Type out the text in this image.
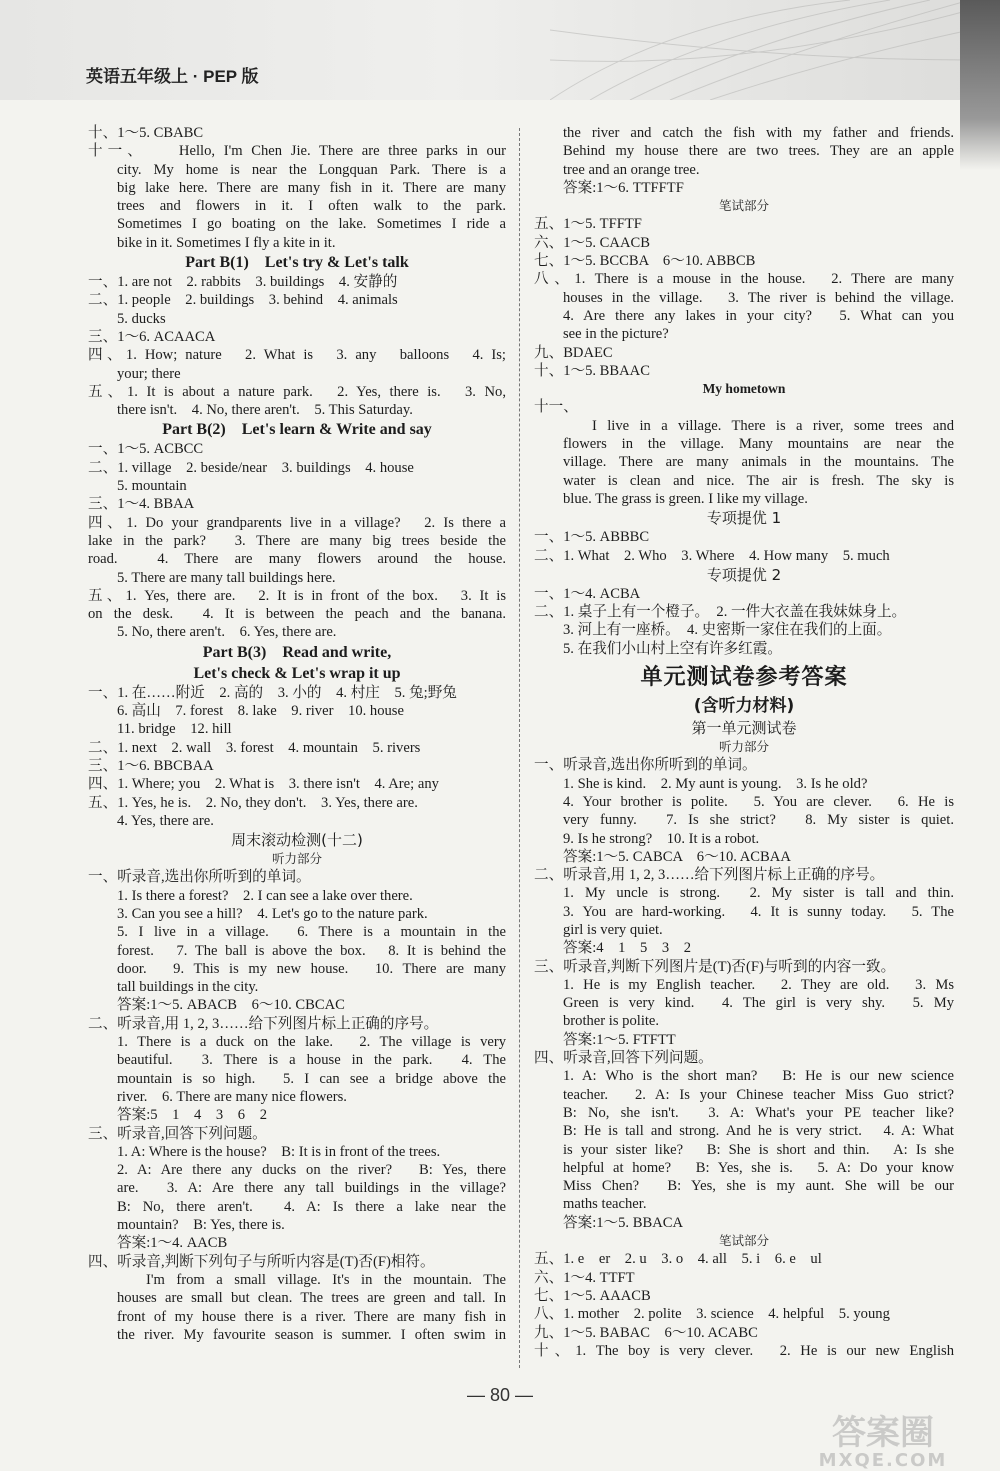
英语五年级上 · PEP 版
十、1～5. CBABC
十一、　　Hello, I'm Chen Jie. There are three parks in our
city. My home is near the Longquan Park. There is a
big lake here. There are many fish in it. There are many
trees and flowers in it. I often walk to the park.
Sometimes I go boating on the lake. Sometimes I ride a
bike in it. Sometimes I fly a kite in it.
Part B(1)　Let's try & Let's talk
一、1. are not　2. rabbits　3. buildings　4. 安静的
二、1. people　2. buildings　3. behind　4. animals
5. ducks
三、1～6. ACAACA
四、1. How; nature　2. What is　3. any　balloons　4. Is;
your; there
五、1. It is about a nature park.　2. Yes, there is.　3. No,
there isn't.　4. No, there aren't.　5. This Saturday.
Part B(2)　Let's learn & Write and say
一、1～5. ACBCC
二、1. village　2. beside/near　3. buildings　4. house
5. mountain
三、1～4. BBAA
四、1. Do your grandparents live in a village?　2. Is there a
lake in the park?　3. There are many big trees beside the
road.　4. There are many flowers around the house.
5. There are many tall buildings here.
五、1. Yes, there are.　2. It is in front of the box.　3. It is
on the desk.　4. It is between the peach and the banana.
5. No, there aren't.　6. Yes, there are.
Part B(3)　Read and write,
Let's check & Let's wrap it up
一、1. 在……附近　2. 高的　3. 小的　4. 村庄　5. 兔;野兔
6. 高山　7. forest　8. lake　9. river　10. house
11. bridge　12. hill
二、1. next　2. wall　3. forest　4. mountain　5. rivers
三、1～6. BBCBAA
四、1. Where; you　2. What is　3. there isn't　4. Are; any
五、1. Yes, he is.　2. No, they don't.　3. Yes, there are.
4. Yes, there are.
周末滚动检测(十二)
听力部分
一、听录音,选出你所听到的单词。
1. Is there a forest?　2. I can see a lake over there.
3. Can you see a hill?　4. Let's go to the nature park.
5. I live in a village.　6. There is a mountain in the
forest.　7. The ball is above the box.　8. It is behind the
door.　9. This is my new house.　10. There are many
tall buildings in the city.
答案:1～5. ABACB　6～10. CBCAC
二、听录音,用 1, 2, 3……给下列图片标上正确的序号。
1. There is a duck on the lake.　2. The village is very
beautiful.　3. There is a house in the park.　4. The
mountain is so high.　5. I can see a bridge above the
river.　6. There are many nice flowers.
答案:5　1　4　3　6　2
三、听录音,回答下列问题。
1. A: Where is the house?　B: It is in front of the trees.
2. A: Are there any ducks on the river?　B: Yes, there
are.　3. A: Are there any tall buildings in the village?
B: No, there aren't.　4. A: Is there a lake near the
mountain?　B: Yes, there is.
答案:1～4. AACB
四、听录音,判断下列句子与所听内容是(T)否(F)相符。
I'm from a small village. It's in the mountain. The
houses are small but clean. The trees are green and tall. In
front of my house there is a river. There are many fish in
the river. My favourite season is summer. I often swim in
the river and catch the fish with my father and friends.
Behind my house there are two trees. They are an apple
tree and an orange tree.
答案:1～6. TTFFTF
笔试部分
五、1～5. TFFTF
六、1～5. CAACB
七、1～5. BCCBA　6～10. ABBCB
八、1. There is a mouse in the house.　2. There are many
houses in the village.　3. The river is behind the village.
4. Are there any lakes in your city?　5. What can you
see in the picture?
九、BDAEC
十、1～5. BBAAC
My hometown
十一、
I live in a village. There is a river, some trees and
flowers in the village. Many mountains are near the
village. There are many animals in the mountains. The
water is clean and nice. The air is fresh. The sky is
blue. The grass is green. I like my village.
专项提优 1
一、1～5. ABBBC
二、1. What　2. Who　3. Where　4. How many　5. much
专项提优 2
一、1～4. ACBA
二、1. 桌子上有一个橙子。　2. 一件大衣盖在我妹妹身上。
3. 河上有一座桥。　4. 史密斯一家住在我们的上面。
5. 在我们小山村上空有许多红霞。
单元测试卷参考答案
(含听力材料)
第一单元测试卷
听力部分
一、听录音,选出你所听到的单词。
1. She is kind.　2. My aunt is young.　3. Is he old?
4. Your brother is polite.　5. You are clever.　6. He is
very funny.　7. Is she strict?　8. My sister is quiet.
9. Is he strong?　10. It is a robot.
答案:1～5. CABCA　6～10. ACBAA
二、听录音,用 1, 2, 3……给下列图片标上正确的序号。
1. My uncle is strong.　2. My sister is tall and thin.
3. You are hard-working.　4. It is sunny today.　5. The
girl is very quiet.
答案:4　1　5　3　2
三、听录音,判断下列图片是(T)否(F)与听到的内容一致。
1. He is my English teacher.　2. They are old.　3. Ms
Green is very kind.　4. The girl is very shy.　5. My
brother is polite.
答案:1～5. FTFTT
四、听录音,回答下列问题。
1. A: Who is the short man?　B: He is our new science
teacher.　2. A: Is your Chinese teacher Miss Guo strict?
B: No, she isn't.　3. A: What's your PE teacher like?
B: He is tall and strong. And he is very strict.　4. A: What
is your sister like?　B: She is short and thin.　A: Is she
helpful at home?　B: Yes, she is.　5. A: Do your know
Miss Chen?　B: Yes, she is my aunt. She will be our
maths teacher.
答案:1～5. BBACA
笔试部分
五、1. e　er　2. u　3. o　4. all　5. i　6. e　ul
六、1～4. TTFT
七、1～5. AAACB
八、1. mother　2. polite　3. science　4. helpful　5. young
九、1～5. BABAC　6～10. ACABC
十、1. The boy is very clever.　2. He is our new English
— 80 —
答案圈
MXQE.COM
